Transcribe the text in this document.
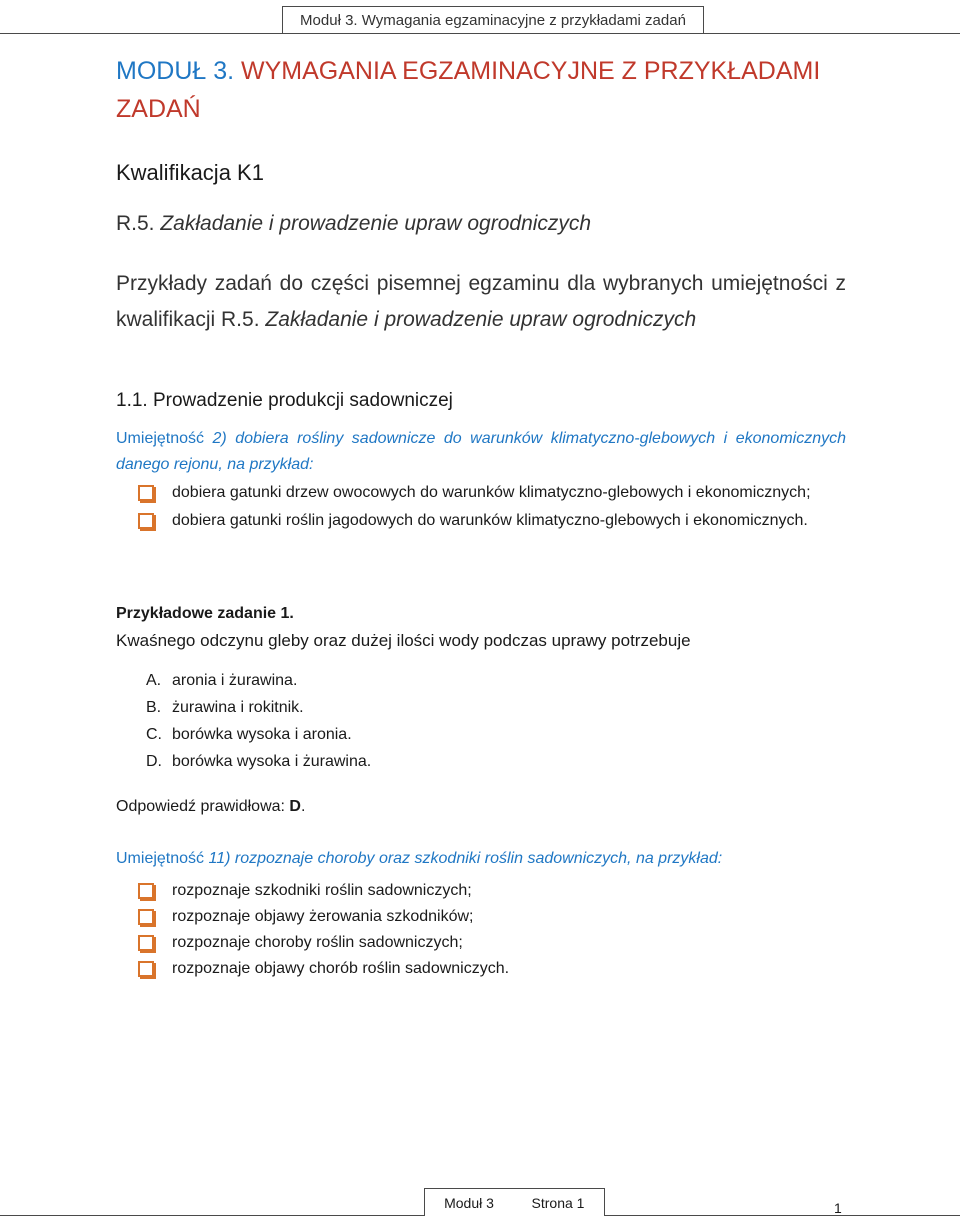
Moduł 3. Wymagania egzaminacyjne z przykładami zadań
MODUŁ 3. WYMAGANIA EGZAMINACYJNE Z PRZYKŁADAMI ZADAŃ
Kwalifikacja K1
R.5. Zakładanie i prowadzenie upraw ogrodniczych
Przykłady zadań do części pisemnej egzaminu dla wybranych umiejętności z kwalifikacji R.5. Zakładanie i prowadzenie upraw ogrodniczych
1.1. Prowadzenie produkcji sadowniczej
Umiejętność 2) dobiera rośliny sadownicze do warunków klimatyczno-glebowych i ekonomicznych danego rejonu, na przykład:
dobiera gatunki drzew owocowych do warunków klimatyczno-glebowych i ekonomicznych;
dobiera gatunki roślin jagodowych do warunków klimatyczno-glebowych i ekonomicznych.
Przykładowe zadanie 1.
Kwaśnego odczynu gleby oraz dużej ilości wody podczas uprawy potrzebuje
A. aronia i żurawina.
B. żurawina i rokitnik.
C. borówka wysoka i aronia.
D. borówka wysoka i żurawina.
Odpowiedź prawidłowa: D.
Umiejętność 11) rozpoznaje choroby oraz szkodniki roślin sadowniczych, na przykład:
rozpoznaje szkodniki roślin sadowniczych;
rozpoznaje objawy żerowania szkodników;
rozpoznaje choroby roślin sadowniczych;
rozpoznaje objawy chorób roślin sadowniczych.
Moduł 3	Strona 1	1
